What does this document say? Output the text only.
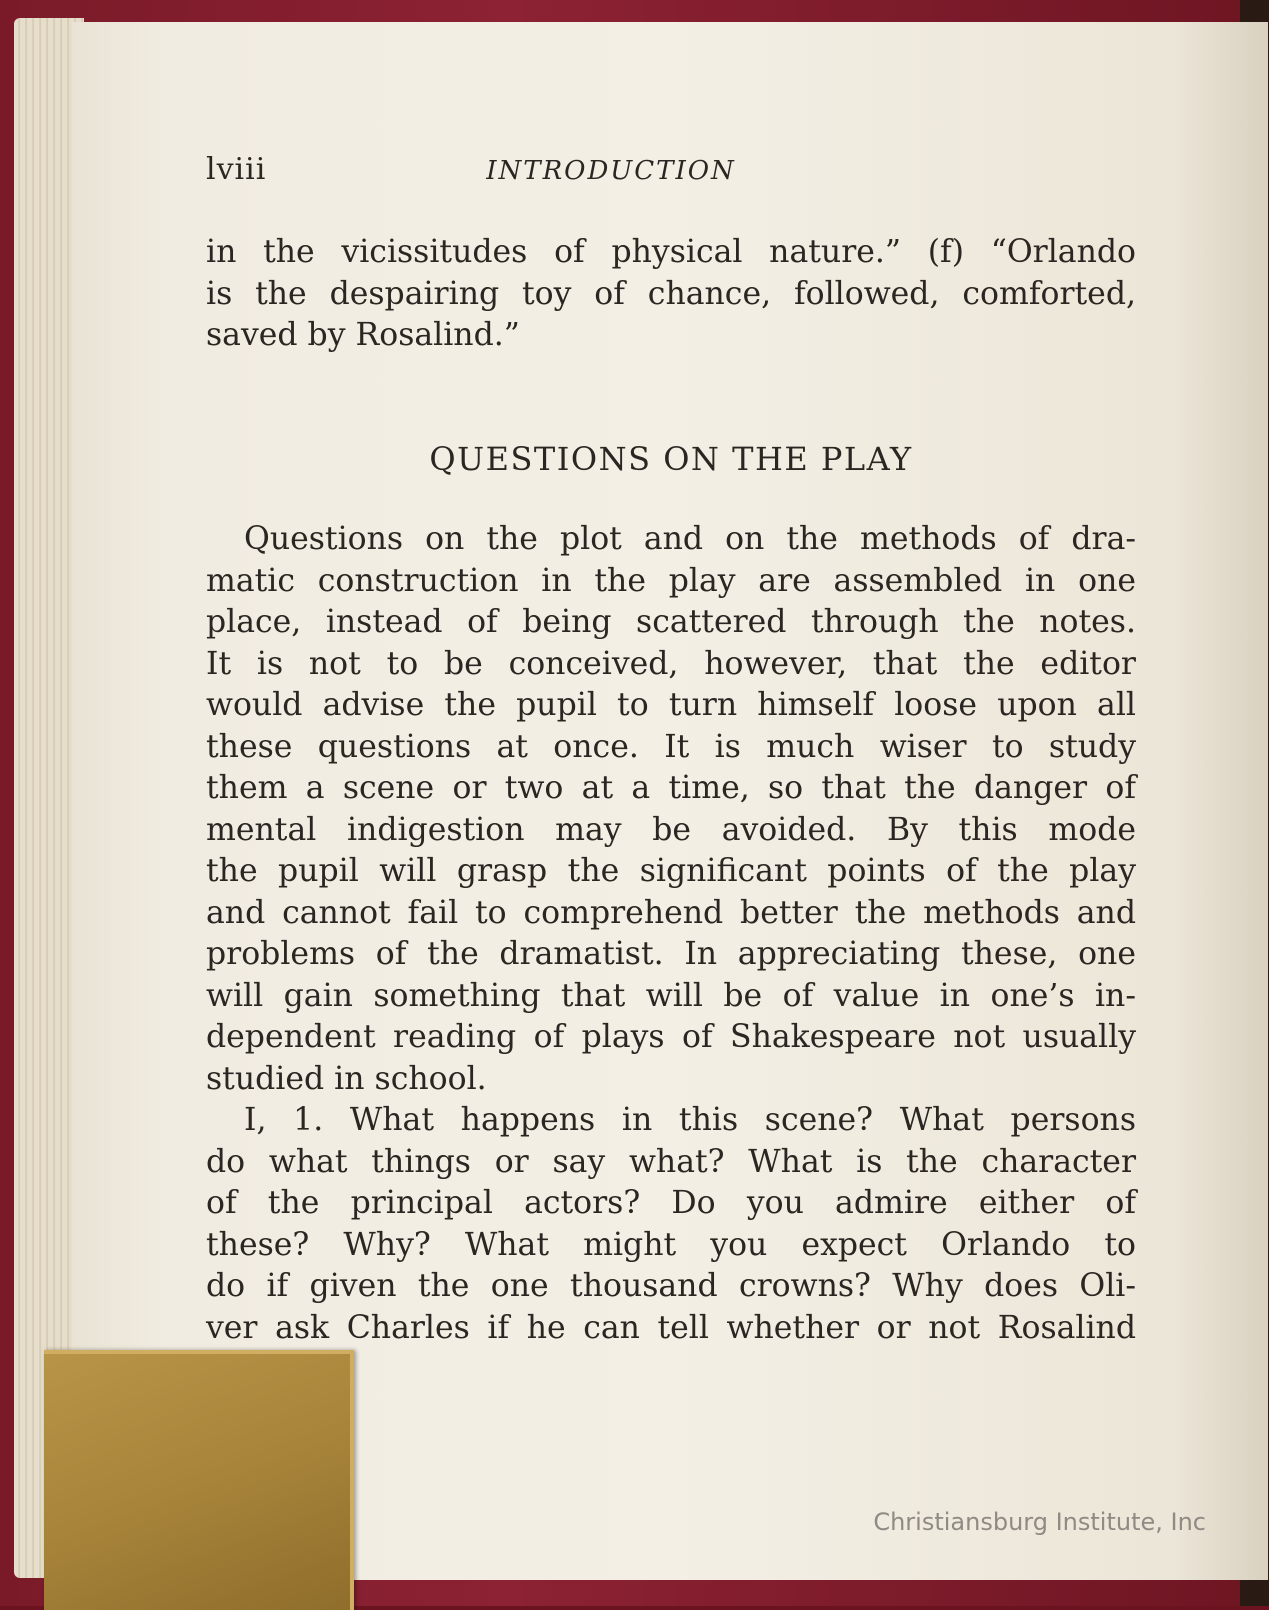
lviii	INTRODUCTION
in the vicissitudes of physical nature.” (f) “Orlando
is the despairing toy of chance, followed, comforted,
saved by Rosalind.”
QUESTIONS ON THE PLAY
Questions on the plot and on the methods of dra-
matic construction in the play are assembled in one
place, instead of being scattered through the notes.
It is not to be conceived, however, that the editor
would advise the pupil to turn himself loose upon all
these questions at once. It is much wiser to study
them a scene or two at a time, so that the danger of
mental indigestion may be avoided. By this mode
the pupil will grasp the significant points of the play
and cannot fail to comprehend better the methods and
problems of the dramatist. In appreciating these, one
will gain something that will be of value in one’s in-
dependent reading of plays of Shakespeare not usually
studied in school.
I, 1. What happens in this scene? What persons
do what things or say what? What is the character
of the principal actors? Do you admire either of
these? Why? What might you expect Orlando to
do if given the one thousand crowns? Why does Oli-
ver ask Charles if he can tell whether or not Rosalind
Christiansburg Institute, Inc
